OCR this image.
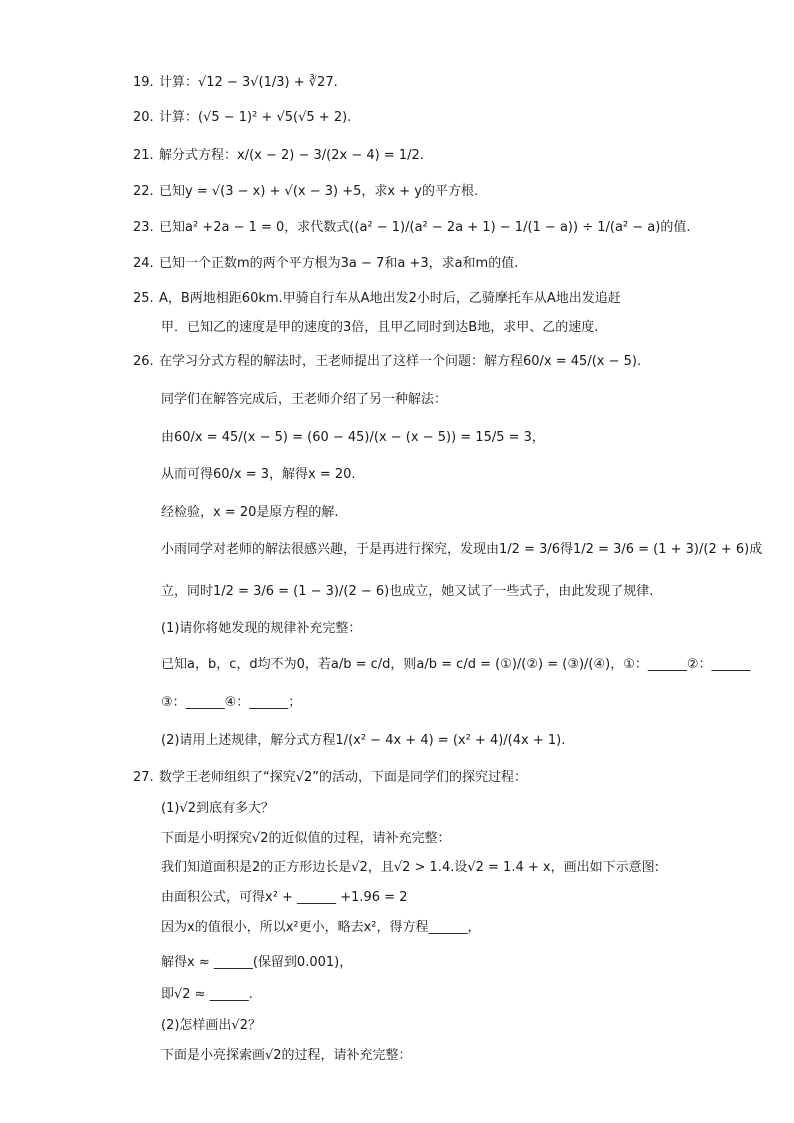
19. 计算：√12 − 3√(1/3) + ∛27.
20. 计算：(√5 − 1)² + √5(√5 + 2).
21. 解分式方程：x/(x − 2) − 3/(2x − 4) = 1/2.
22. 已知y = √(3 − x) + √(x − 3) +5，求x + y的平方根.
23. 已知a² +2a − 1 = 0，求代数式((a² − 1)/(a² − 2a + 1) − 1/(1 − a)) ÷ 1/(a² − a)的值.
24. 已知一个正数m的两个平方根为3a − 7和a +3，求a和m的值.
25. A，B两地相距60km.甲骑自行车从A地出发2小时后，乙骑摩托车从A地出发追赶
甲．已知乙的速度是甲的速度的3倍，且甲乙同时到达B地，求甲、乙的速度.
26. 在学习分式方程的解法时，王老师提出了这样一个问题：解方程60/x = 45/(x − 5).
同学们在解答完成后，王老师介绍了另一种解法：
由60/x = 45/(x − 5) = (60 − 45)/(x − (x − 5)) = 15/5 = 3，
从而可得60/x = 3，解得x = 20.
经检验，x = 20是原方程的解.
小雨同学对老师的解法很感兴趣，于是再进行探究，发现由1/2 = 3/6得1/2 = 3/6 = (1 + 3)/(2 + 6)成
立，同时1/2 = 3/6 = (1 − 3)/(2 − 6)也成立，她又试了一些式子，由此发现了规律.
(1)请你将她发现的规律补充完整：
已知a，b，c，d均不为0，若a/b = c/d，则a/b = c/d = (①)/(②) = (③)/(④)，①：______②：______
③：______④：______；
(2)请用上述规律，解分式方程1/(x² − 4x + 4) = (x² + 4)/(4x + 1).
27. 数学王老师组织了“探究√2”的活动，下面是同学们的探究过程：
(1)√2到底有多大？
下面是小明探究√2的近似值的过程，请补充完整：
我们知道面积是2的正方形边长是√2，且√2 > 1.4.设√2 = 1.4 + x，画出如下示意图:
由面积公式，可得x² + ______ +1.96 = 2
因为x的值很小，所以x²更小，略去x²，得方程______，
解得x ≈ ______(保留到0.001)，
即√2 ≈ ______.
(2)怎样画出√2？
下面是小亮探索画√2的过程，请补充完整：
